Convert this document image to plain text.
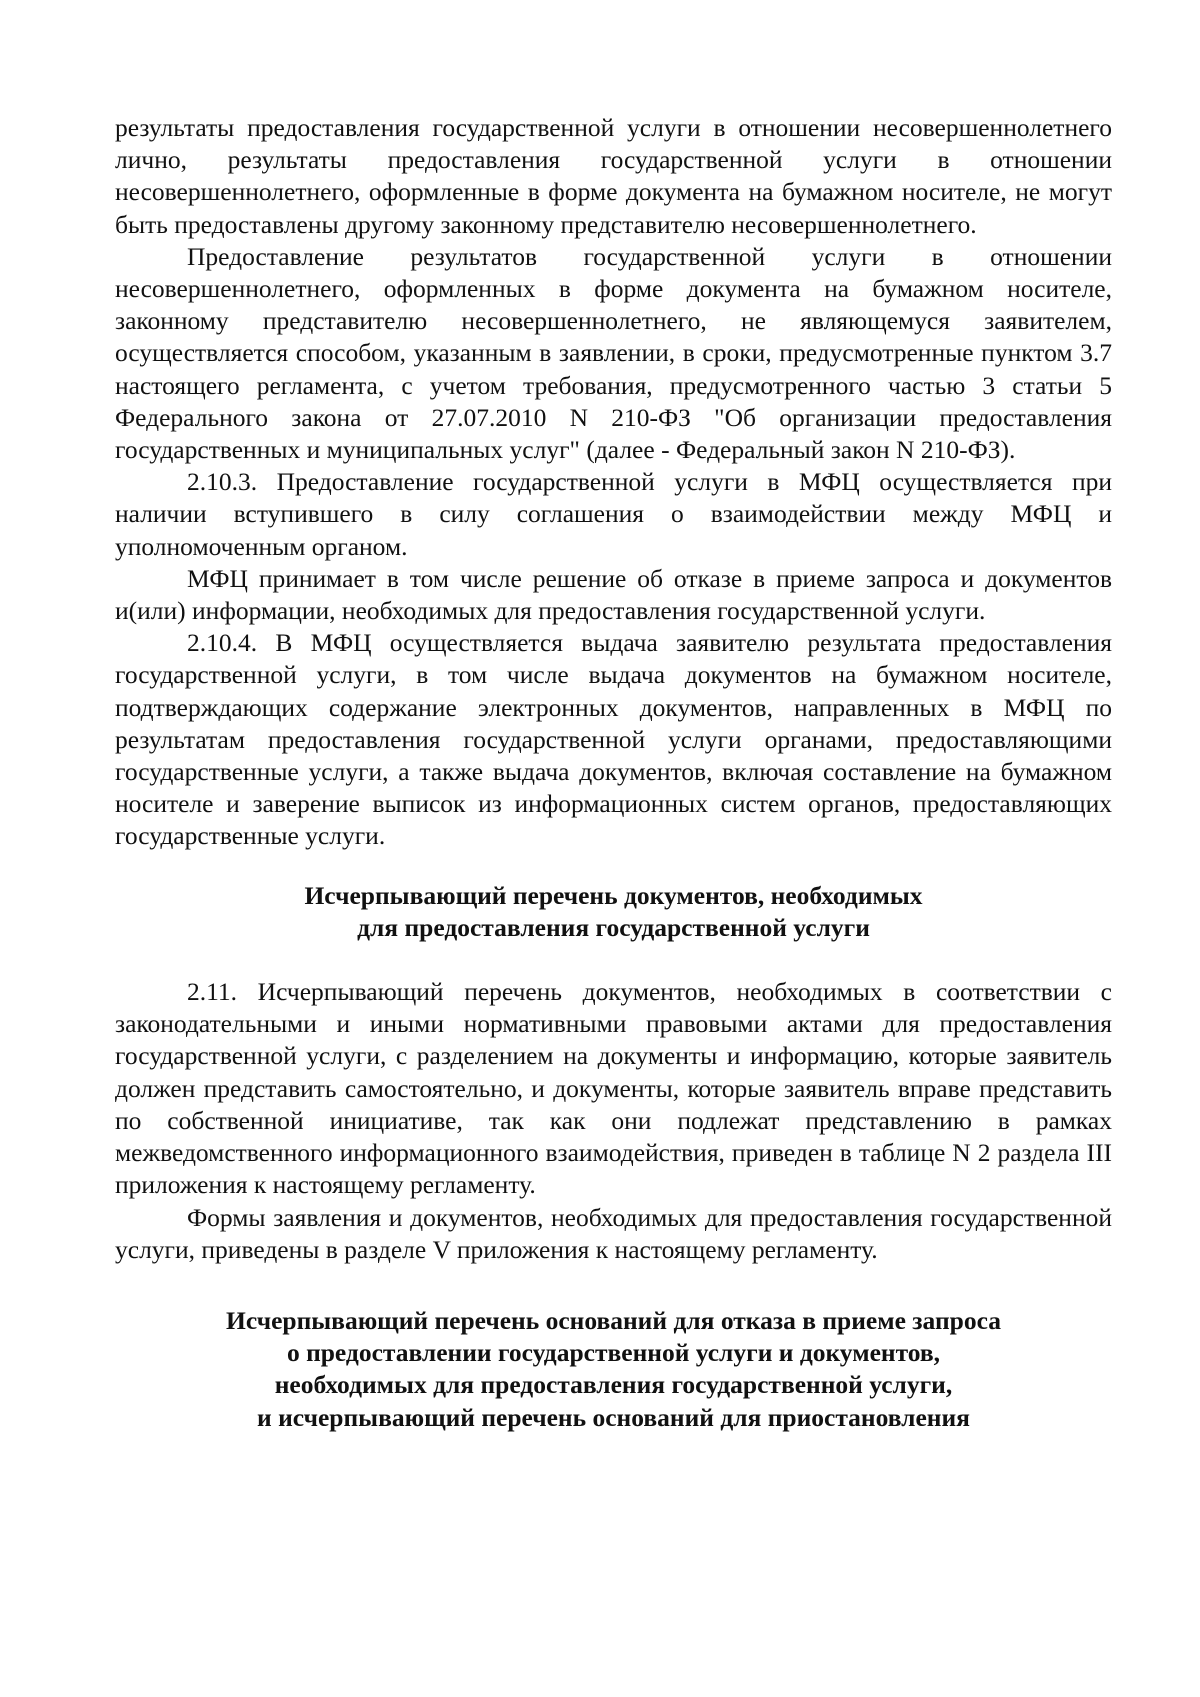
результаты предоставления государственной услуги в отношении несовершеннолетнего лично, результаты предоставления государственной услуги в отношении несовершеннолетнего, оформленные в форме документа на бумажном носителе, не могут быть предоставлены другому законному представителю несовершеннолетнего.

Предоставление результатов государственной услуги в отношении несовершеннолетнего, оформленных в форме документа на бумажном носителе, законному представителю несовершеннолетнего, не являющемуся заявителем, осуществляется способом, указанным в заявлении, в сроки, предусмотренные пунктом 3.7 настоящего регламента, с учетом требования, предусмотренного частью 3 статьи 5 Федерального закона от 27.07.2010 N 210-ФЗ "Об организации предоставления государственных и муниципальных услуг" (далее - Федеральный закон N 210-ФЗ).

2.10.3. Предоставление государственной услуги в МФЦ осуществляется при наличии вступившего в силу соглашения о взаимодействии между МФЦ и уполномоченным органом.

МФЦ принимает в том числе решение об отказе в приеме запроса и документов и(или) информации, необходимых для предоставления государственной услуги.

2.10.4. В МФЦ осуществляется выдача заявителю результата предоставления государственной услуги, в том числе выдача документов на бумажном носителе, подтверждающих содержание электронных документов, направленных в МФЦ по результатам предоставления государственной услуги органами, предоставляющими государственные услуги, а также выдача документов, включая составление на бумажном носителе и заверение выписок из информационных систем органов, предоставляющих государственные услуги.

Исчерпывающий перечень документов, необходимых
для предоставления государственной услуги

2.11. Исчерпывающий перечень документов, необходимых в соответствии с законодательными и иными нормативными правовыми актами для предоставления государственной услуги, с разделением на документы и информацию, которые заявитель должен представить самостоятельно, и документы, которые заявитель вправе представить по собственной инициативе, так как они подлежат представлению в рамках межведомственного информационного взаимодействия, приведен в таблице N 2 раздела III приложения к настоящему регламенту.

Формы заявления и документов, необходимых для предоставления государственной услуги, приведены в разделе V приложения к настоящему регламенту.

Исчерпывающий перечень оснований для отказа в приеме запроса
о предоставлении государственной услуги и документов,
необходимых для предоставления государственной услуги,
и исчерпывающий перечень оснований для приостановления
